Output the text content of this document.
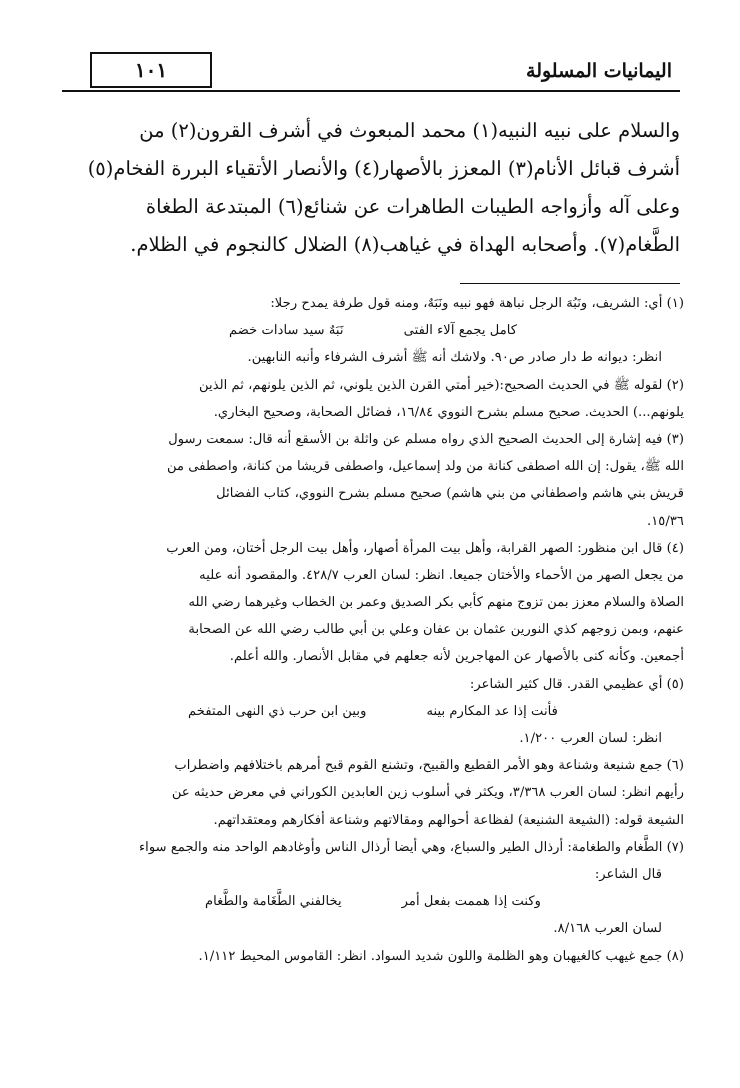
اليمانيات المسلولة
١٠١
والسلام على نبيه النبيه(١) محمد المبعوث في أشرف القرون(٢) من
أشرف قبائل الأنام(٣) المعزز بالأصهار(٤) والأنصار الأتقياء البررة الفخام(٥)
وعلى آله وأزواجه الطيبات الطاهرات عن شنائع(٦) المبتدعة الطغاة
الطَّغام(٧). وأصحابه الهداة في غياهب(٨) الضلال كالنجوم في الظلام.
(١) أي: الشريف، ونَبُهَ الرجل نباهة فهو نبيه ونَبَهٌ، ومنه قول طرفة يمدح رجلا:
كامل يجمع آلاء الفتى
نَبَهٌ سيد سادات خضم
انظر: ديوانه ط دار صادر ص٩٠. ولاشك أنه ﷺ أشرف الشرفاء وأنبه النابهين.
(٢) لقوله ﷺ في الحديث الصحيح:(خير أمتي القرن الذين يلوني، ثم الذين يلونهم، ثم الذين
يلونهم...) الحديث. صحيح مسلم بشرح النووي ١٦/٨٤، فضائل الصحابة، وصحيح البخاري.
(٣) فيه إشارة إلى الحديث الصحيح الذي رواه مسلم عن واثلة بن الأسقع أنه قال: سمعت رسول
الله ﷺ، يقول: إن الله اصطفى كنانة من ولد إسماعيل، واصطفى قريشا من كنانة، واصطفى من
قريش بني هاشم واصطفاني من بني هاشم) صحيح مسلم بشرح النووي، كتاب الفضائل
١٥/٣٦.
(٤) قال ابن منظور: الصهر القرابة، وأهل بيت المرأة أصهار، وأهل بيت الرجل أختان، ومن العرب
من يجعل الصهر من الأحماء والأختان جميعا. انظر: لسان العرب ٤٢٨/٧. والمقصود أنه عليه
الصلاة والسلام معزز بمن تزوج منهم كأبي بكر الصديق وعمر بن الخطاب وغيرهما رضي الله
عنهم، وبمن زوجهم كذي النورين عثمان بن عفان وعلي بن أبي طالب رضي الله عن الصحابة
أجمعين. وكأنه كنى بالأصهار عن المهاجرين لأنه جعلهم في مقابل الأنصار. والله أعلم.
(٥) أي عظيمي القدر. قال كثير الشاعر:
فأنت إذا عد المكارم بينه
وبين ابن حرب ذي النهى المتفخم
انظر: لسان العرب ١/٢٠٠.
(٦) جمع شنيعة وشناعة وهو الأمر القطيع والقبيح، وتشنع القوم قبح أمرهم باختلافهم واضطراب
رأيهم انظر: لسان العرب ٣/٣٦٨، ويكثر في أسلوب زين العابدين الكوراني في معرض حديثه عن
الشيعة قوله: (الشيعة الشنيعة) لفظاعة أحوالهم ومقالاتهم وشناعة أفكارهم ومعتقداتهم.
(٧) الطَّغام والطغامة: أرذال الطير والسباع، وهي أيضا أرذال الناس وأوغادهم الواحد منه والجمع سواء
قال الشاعر:
وكنت إذا هممت بفعل أمر
يخالفني الطَّغَامة والطَّغام
لسان العرب ٨/١٦٨.
(٨) جمع غيهب كالغيهبان وهو الظلمة واللون شديد السواد. انظر: القاموس المحيط ١/١١٢.
